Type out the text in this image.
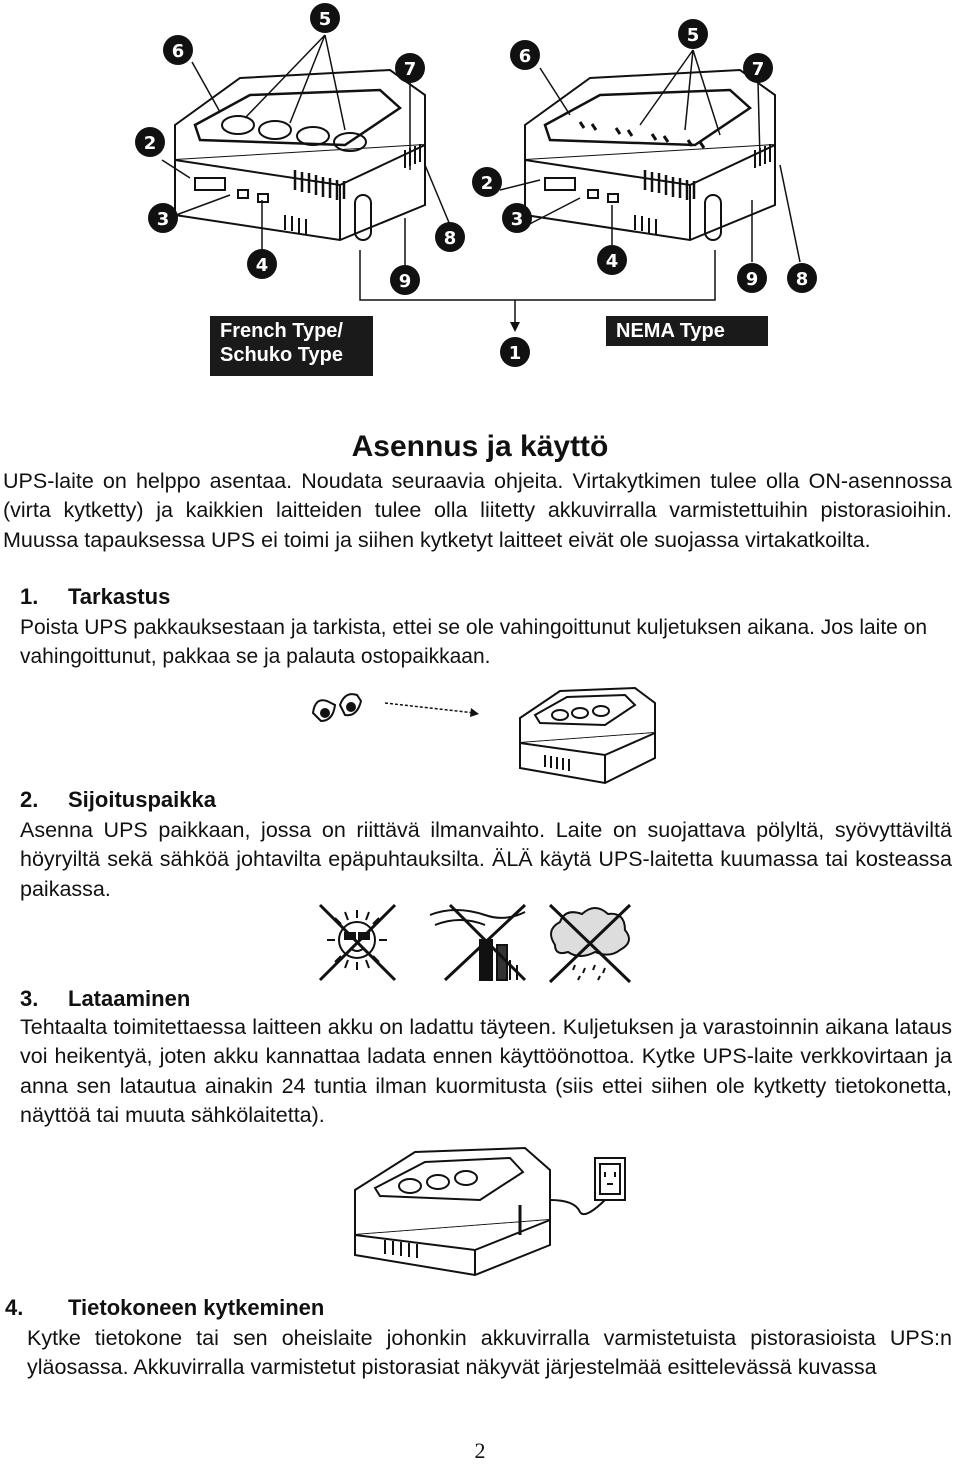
6
5
7
2
3
4
9
8
6
5
7
2
3
4
9 8
1
French Type/
Schuko Type
NEMA Type
Asennus ja käyttö

UPS-laite on helppo asentaa. Noudata seuraavia ohjeita. Virtakytkimen tulee olla ON-asennossa (virta kytketty) ja kaikkien laitteiden tulee olla liitetty akkuvirralla varmistettuihin pistorasioihin. Muussa tapauksessa UPS ei toimi ja siihen kytketyt laitteet eivät ole suojassa virtakatkoilta.

1. Tarkastus

Poista UPS pakkauksestaan ja tarkista, ettei se ole vahingoittunut kuljetuksen aikana. Jos laite on vahingoittunut, pakkaa se ja palauta ostopaikkaan.

2. Sijoituspaikka

Asenna UPS paikkaan, jossa on riittävä ilmanvaihto. Laite on suojattava pölyltä, syövyttäviltä höyryiltä sekä sähköä johtavilta epäpuhtauksilta. ÄLÄ käytä UPS-laitetta kuumassa tai kosteassa paikassa.

3. Lataaminen

Tehtaalta toimitettaessa laitteen akku on ladattu täyteen. Kuljetuksen ja varastoinnin aikana lataus voi heikentyä, joten akku kannattaa ladata ennen käyttöönottoa. Kytke UPS-laite verkkovirtaan ja anna sen latautua ainakin 24 tuntia ilman kuormitusta (siis ettei siihen ole kytketty tietokonetta, näyttöä tai muuta sähkölaitetta).

4. Tietokoneen kytkeminen

Kytke tietokone tai sen oheislaite johonkin akkuvirralla varmistetuista pistorasioista UPS:n yläosassa. Akkuvirralla varmistetut pistorasiat näkyvät järjestelmää esittelevässä kuvassa

2
